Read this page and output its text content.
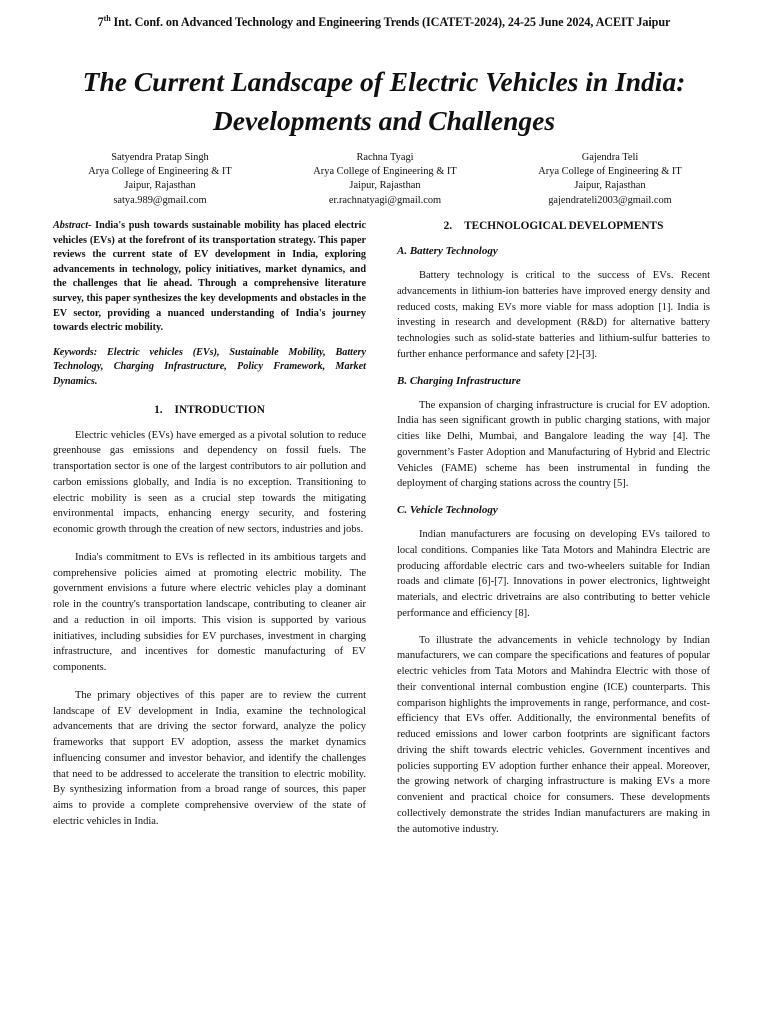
7th Int. Conf. on Advanced Technology and Engineering Trends (ICATET-2024), 24-25 June 2024, ACEIT Jaipur
The Current Landscape of Electric Vehicles in India: Developments and Challenges
Satyendra Pratap Singh
Arya College of Engineering & IT
Jaipur, Rajasthan
satya.989@gmail.com
Rachna Tyagi
Arya College of Engineering & IT
Jaipur, Rajasthan
er.rachnatyagi@gmail.com
Gajendra Teli
Arya College of Engineering & IT
Jaipur, Rajasthan
gajendrateli2003@gmail.com

Abstract- India's push towards sustainable mobility has placed electric vehicles (EVs) at the forefront of its transportation strategy. This paper reviews the current state of EV development in India, exploring advancements in technology, policy initiatives, market dynamics, and the challenges that lie ahead. Through a comprehensive literature survey, this paper synthesizes the key developments and obstacles in the EV sector, providing a nuanced understanding of India's journey towards electric mobility.

Keywords: Electric vehicles (EVs), Sustainable Mobility, Battery Technology, Charging Infrastructure, Policy Framework, Market Dynamics.

1. INTRODUCTION

Electric vehicles (EVs) have emerged as a pivotal solution to reduce greenhouse gas emissions and dependency on fossil fuels. The transportation sector is one of the largest contributors to air pollution and carbon emissions globally, and India is no exception. Transitioning to electric mobility is seen as a crucial step towards the mitigating environmental impacts, enhancing energy security, and fostering economic growth through the creation of new sectors, industries and jobs.

India's commitment to EVs is reflected in its ambitious targets and comprehensive policies aimed at promoting electric mobility. The government envisions a future where electric vehicles play a dominant role in the country's transportation landscape, contributing to cleaner air and a reduction in oil imports. This vision is supported by various initiatives, including subsidies for EV purchases, investment in charging infrastructure, and incentives for domestic manufacturing of EV components.

The primary objectives of this paper are to review the current landscape of EV development in India, examine the technological advancements that are driving the sector forward, analyze the policy frameworks that support EV adoption, assess the market dynamics influencing consumer and investor behavior, and identify the challenges that need to be addressed to accelerate the transition to electric mobility. By synthesizing information from a broad range of sources, this paper aims to provide a complete comprehensive overview of the state of electric vehicles in India.

2. TECHNOLOGICAL DEVELOPMENTS

A. Battery Technology

Battery technology is critical to the success of EVs. Recent advancements in lithium-ion batteries have improved energy density and reduced costs, making EVs more viable for mass adoption [1]. India is investing in research and development (R&D) for alternative battery technologies such as solid-state batteries and lithium-sulfur batteries to further enhance performance and safety [2]-[3].

B. Charging Infrastructure

The expansion of charging infrastructure is crucial for EV adoption. India has seen significant growth in public charging stations, with major cities like Delhi, Mumbai, and Bangalore leading the way [4]. The government’s Faster Adoption and Manufacturing of Hybrid and Electric Vehicles (FAME) scheme has been instrumental in funding the deployment of charging stations across the country [5].

C. Vehicle Technology

Indian manufacturers are focusing on developing EVs tailored to local conditions. Companies like Tata Motors and Mahindra Electric are producing affordable electric cars and two-wheelers suitable for Indian roads and climate [6]-[7]. Innovations in power electronics, lightweight materials, and electric drivetrains are also contributing to better vehicle performance and efficiency [8].

To illustrate the advancements in vehicle technology by Indian manufacturers, we can compare the specifications and features of popular electric vehicles from Tata Motors and Mahindra Electric with those of their conventional internal combustion engine (ICE) counterparts. This comparison highlights the improvements in range, performance, and cost-efficiency that EVs offer. Additionally, the environmental benefits of reduced emissions and lower carbon footprints are significant factors driving the shift towards electric vehicles. Government incentives and policies supporting EV adoption further enhance their appeal. Moreover, the growing network of charging infrastructure is making EVs a more convenient and practical choice for consumers. These developments collectively demonstrate the strides Indian manufacturers are making in the automotive industry.
